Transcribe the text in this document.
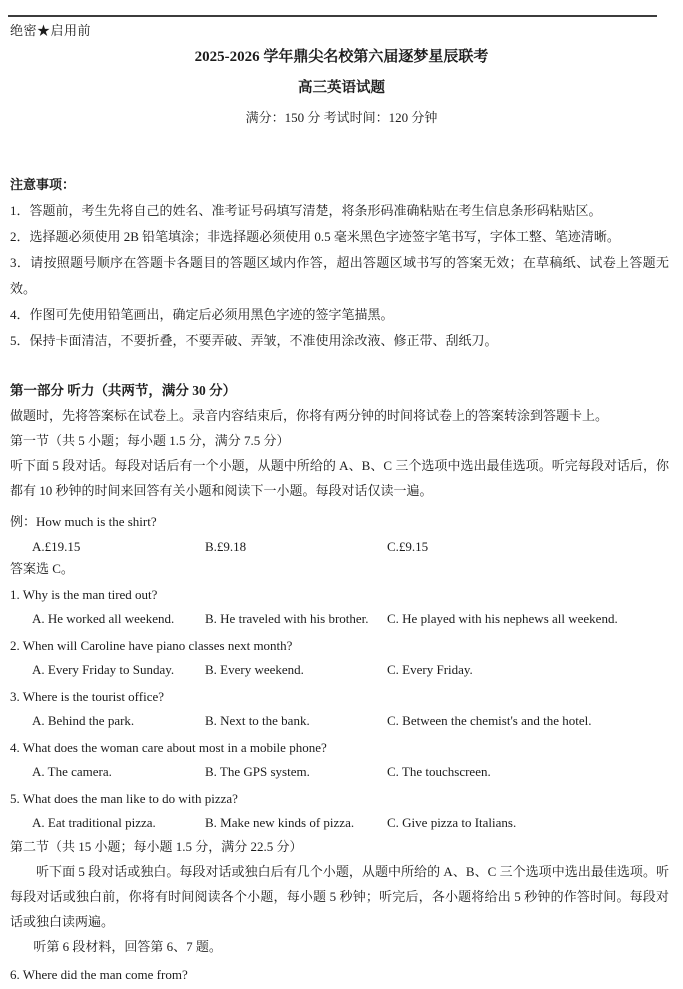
绝密★启用前
2025-2026 学年鼎尖名校第六届逐梦星辰联考
高三英语试题
满分：150 分 考试时间：120 分钟
注意事项：
1．答题前，考生先将自己的姓名、准考证号码填写清楚，将条形码准确粘贴在考生信息条形码粘贴区。
2．选择题必须使用 2B 铅笔填涂；非选择题必须使用 0.5 毫米黑色字迹签字笔书写，字体工整、笔迹清晰。
3．请按照题号顺序在答题卡各题目的答题区域内作答，超出答题区域书写的答案无效；在草稿纸、试卷上答题无效。
4．作图可先使用铅笔画出，确定后必须用黑色字迹的签字笔描黑。
5．保持卡面清洁，不要折叠，不要弄破、弄皱，不准使用涂改液、修正带、刮纸刀。
第一部分 听力（共两节，满分 30 分）
做题时，先将答案标在试卷上。录音内容结束后，你将有两分钟的时间将试卷上的答案转涂到答题卡上。
第一节（共 5 小题；每小题 1.5 分，满分 7.5 分）
听下面 5 段对话。每段对话后有一个小题，从题中所给的 A、B、C 三个选项中选出最佳选项。听完每段对话后，你都有 10 秒钟的时间来回答有关小题和阅读下一小题。每段对话仅读一遍。
例：How much is the shirt?
A.£19.15	B.£9.18	C.£9.15
答案选 C。
1. Why is the man tired out?
A. He worked all weekend.	B. He traveled with his brother.	C. He played with his nephews all weekend.
2. When will Caroline have piano classes next month?
A. Every Friday to Sunday.	B. Every weekend.	C. Every Friday.
3. Where is the tourist office?
A. Behind the park.	B. Next to the bank.	C. Between the chemist's and the hotel.
4. What does the woman care about most in a mobile phone?
A. The camera.	B. The GPS system.	C. The touchscreen.
5. What does the man like to do with pizza?
A. Eat traditional pizza.	B. Make new kinds of pizza.	C. Give pizza to Italians.
第二节（共 15 小题；每小题 1.5 分，满分 22.5 分）
听下面 5 段对话或独白。每段对话或独白后有几个小题，从题中所给的 A、B、C 三个选项中选出最佳选项。听每段对话或独白前，你将有时间阅读各个小题，每小题 5 秒钟；听完后，各小题将给出 5 秒钟的作答时间。每段对话或独白读两遍。
听第 6 段材料，回答第 6、7 题。
6. Where did the man come from?
